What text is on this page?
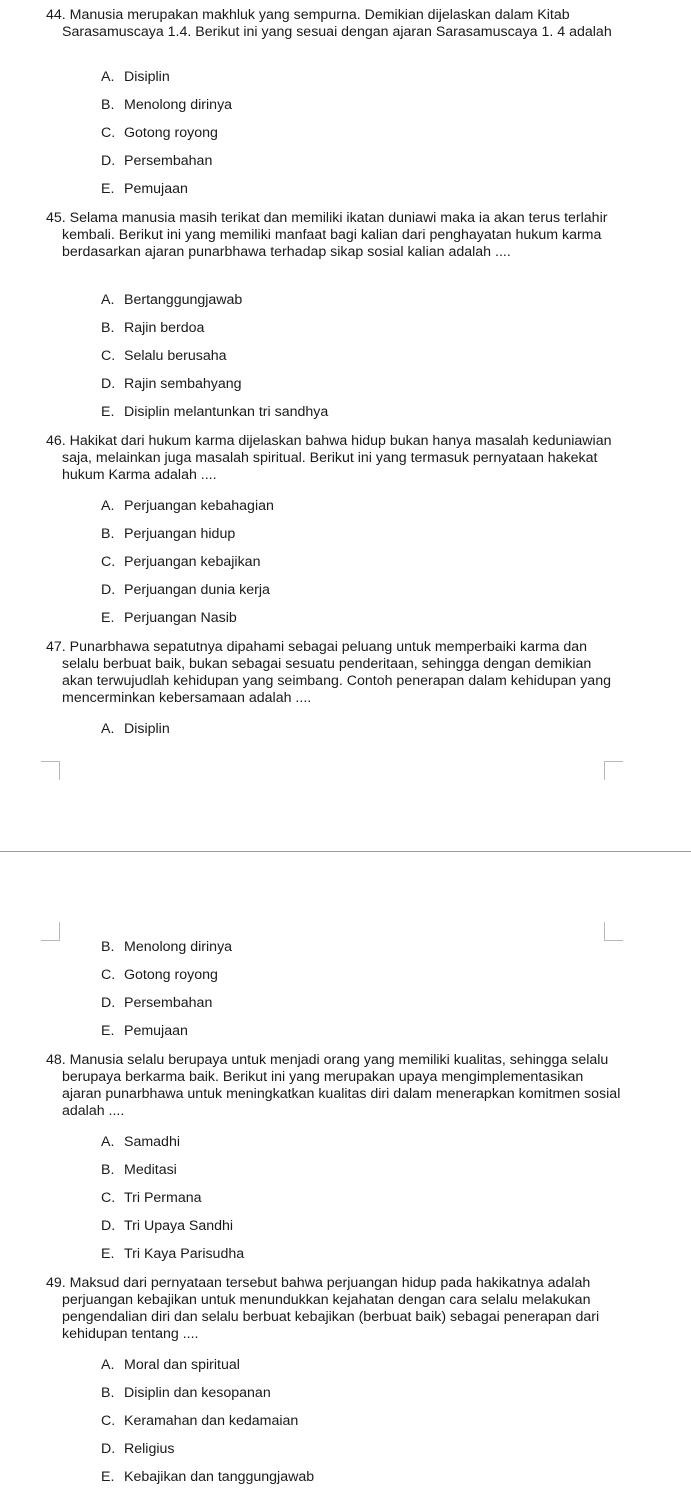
44. Manusia merupakan makhluk yang sempurna. Demikian dijelaskan dalam Kitab Sarasamuscaya 1.4. Berikut ini yang sesuai dengan ajaran Sarasamuscaya 1. 4 adalah
A. Disiplin
B. Menolong dirinya
C. Gotong royong
D. Persembahan
E. Pemujaan
45. Selama manusia masih terikat dan memiliki ikatan duniawi maka ia akan terus terlahir kembali. Berikut ini yang memiliki manfaat bagi kalian dari penghayatan hukum karma berdasarkan ajaran punarbhawa terhadap sikap sosial kalian adalah ....
A. Bertanggungjawab
B. Rajin berdoa
C. Selalu berusaha
D. Rajin sembahyang
E. Disiplin melantunkan tri sandhya
46. Hakikat dari hukum karma dijelaskan bahwa hidup bukan hanya masalah keduniawian saja, melainkan juga masalah spiritual. Berikut ini yang termasuk pernyataan hakekat hukum Karma adalah ....
A. Perjuangan kebahagian
B. Perjuangan hidup
C. Perjuangan kebajikan
D. Perjuangan dunia kerja
E. Perjuangan Nasib
47. Punarbhawa sepatutnya dipahami sebagai peluang untuk memperbaiki karma dan selalu berbuat baik, bukan sebagai sesuatu penderitaan, sehingga dengan demikian akan terwujudlah kehidupan yang seimbang. Contoh penerapan dalam kehidupan yang mencerminkan kebersamaan adalah ....
A. Disiplin
B. Menolong dirinya
C. Gotong royong
D. Persembahan
E. Pemujaan
48. Manusia selalu berupaya untuk menjadi orang yang memiliki kualitas, sehingga selalu berupaya berkarma baik. Berikut ini yang merupakan upaya mengimplementasikan ajaran punarbhawa untuk meningkatkan kualitas diri dalam menerapkan komitmen sosial adalah ....
A. Samadhi
B. Meditasi
C. Tri Permana
D. Tri Upaya Sandhi
E. Tri Kaya Parisudha
49. Maksud dari pernyataan tersebut bahwa perjuangan hidup pada hakikatnya adalah perjuangan kebajikan untuk menundukkan kejahatan dengan cara selalu melakukan pengendalian diri dan selalu berbuat kebajikan (berbuat baik) sebagai penerapan dari kehidupan tentang ....
A. Moral dan spiritual
B. Disiplin dan kesopanan
C. Keramahan dan kedamaian
D. Religius
E. Kebajikan dan tanggungjawab
